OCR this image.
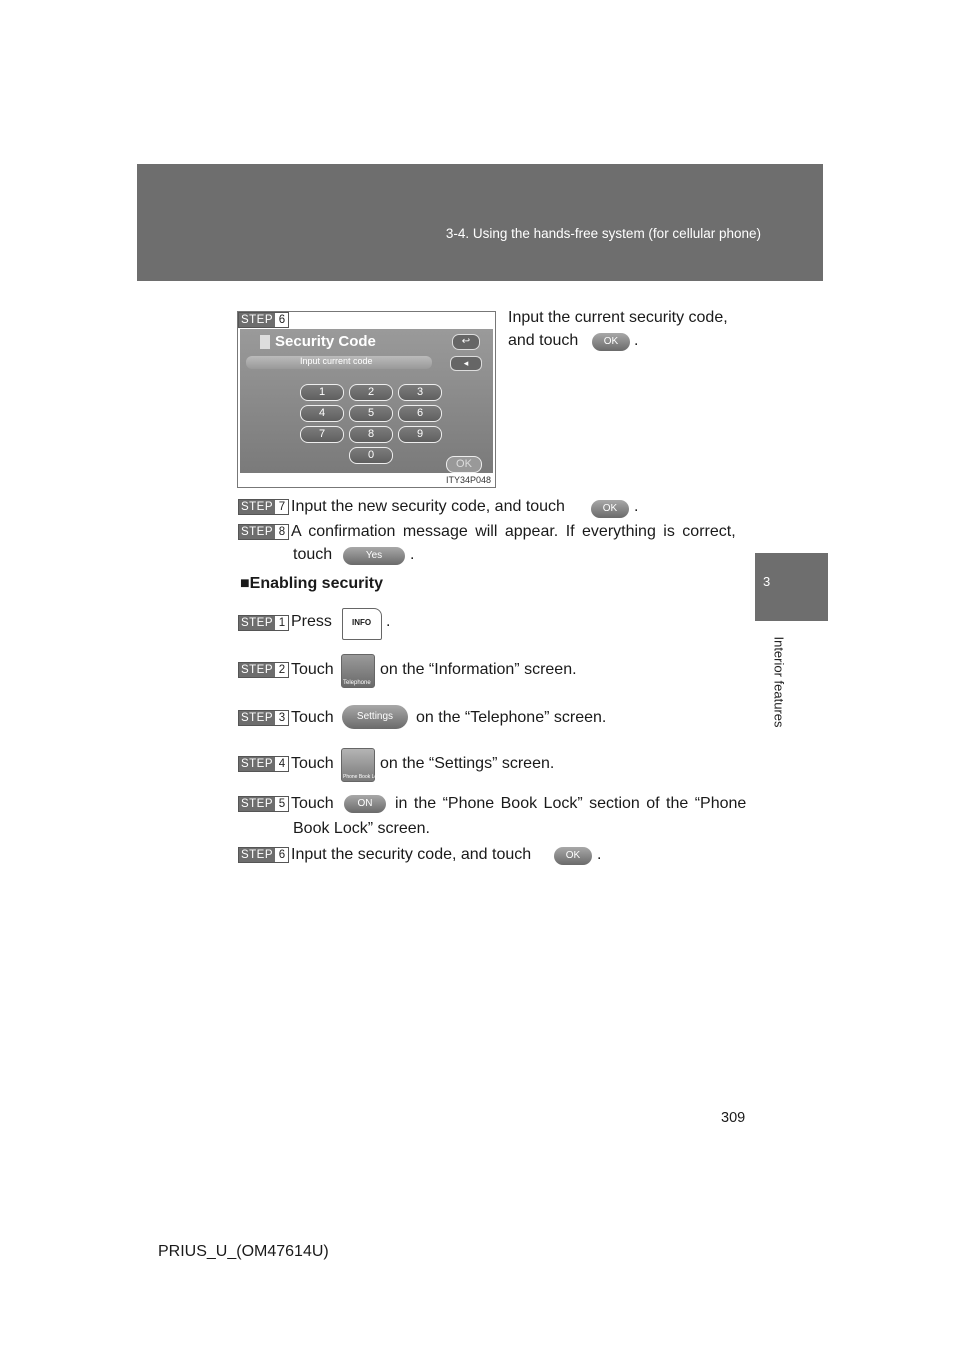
3-4. Using the hands-free system (for cellular phone)
3
Interior features
STEP 6
Security Code	↩
Input current code	◂
1	2	3
4	5	6
7	8	9
0
OK
ITY34P048
Input the current security code,
and touch	OK .
STEP 7 Input the new security code, and touch	OK	.
STEP 8 A confirmation message will appear. If everything is correct,
touch	Yes	.
■Enabling security
STEP 1 Press	INFO .
STEP 2 Touch
Telephone
on the “Information” screen.
STEP 3 Touch	Settings	on the “Telephone” screen.
STEP 4 Touch
Phone Book Lock
on the “Settings” screen.
STEP 5 Touch	ON	in the “Phone Book Lock” section of the “Phone
Book Lock” screen.
STEP 6 Input the security code, and touch	OK	.
309
PRIUS_U_(OM47614U)
